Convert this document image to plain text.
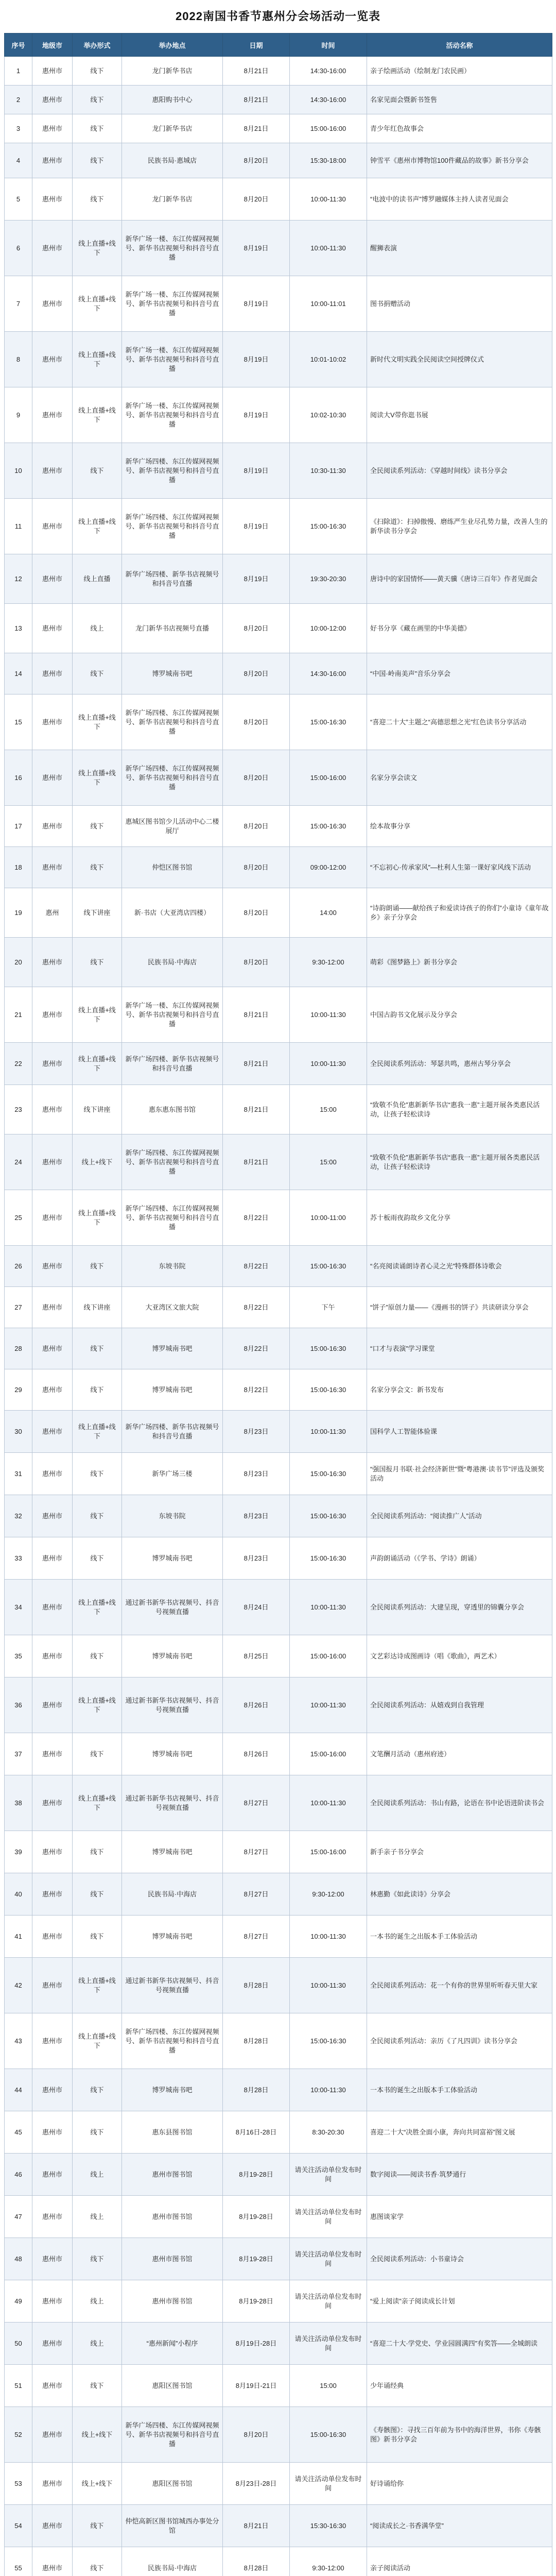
2022南国书香节惠州分会场活动一览表
序号	地级市	举办形式	举办地点	日期	时间	活动名称
1	惠州市	线下	龙门新华书店	8月21日	14:30-16:00	亲子绘画活动（绘制龙门农民画）
2	惠州市	线下	惠阳购书中心	8月21日	14:30-16:00	名家见面会暨新书签售
3	惠州市	线下	龙门新华书店	8月21日	15:00-16:00	青少年红色故事会
4	惠州市	线下	民族书局·惠城店	8月20日	15:30-18:00	钟雪平《惠州市博物馆100件藏品的故事》新书分享会
5	惠州市	线下	龙门新华书店	8月20日	10:00-11:30	“电波中的读书声”博罗融媒体主持人读者见面会
6	惠州市	线上直播+线下	新华广场一楼、东江传媒网视频号、新华书店视频号和抖音号直播	8月19日	10:00-11:30	醒狮表演
7	惠州市	线上直播+线下	新华广场一楼、东江传媒网视频号、新华书店视频号和抖音号直播	8月19日	10:00-11:01	图书捐赠活动
8	惠州市	线上直播+线下	新华广场一楼、东江传媒网视频号、新华书店视频号和抖音号直播	8月19日	10:01-10:02	新时代文明实践全民阅读空间授牌仪式
9	惠州市	线上直播+线下	新华广场一楼、东江传媒网视频号、新华书店视频号和抖音号直播	8月19日	10:02-10:30	阅读大V带你逛书展
10	惠州市	线下	新华广场四楼、东江传媒网视频号、新华书店视频号和抖音号直播	8月19日	10:30-11:30	全民阅读系列活动：《穿越时间线》读书分享会
11	惠州市	线上直播+线下	新华广场四楼、东江传媒网视频号、新华书店视频号和抖音号直播	8月19日	15:00-16:30	《扫除道》：扫掉傲慢、磨练严生业尽孔势力量，改善人生的新华读书分享会
12	惠州市	线上直播	新华广场四楼、新华书店视频号和抖音号直播	8月19日	19:30-20:30	唐诗中的家国情怀——黄天骥《唐诗三百年》作者见面会
13	惠州市	线上	龙门新华书店视频号直播	8月20日	10:00-12:00	好书分享《藏在画里的中华美德》
14	惠州市	线下	博罗城南书吧	8月20日	14:30-16:00	“中国·岭南美声”音乐分享会
15	惠州市	线上直播+线下	新华广场四楼、东江传媒网视频号、新华书店视频号和抖音号直播	8月20日	15:00-16:30	“喜迎二十大”主题之“高德思想之光”红色读书分享活动
16	惠州市	线上直播+线下	新华广场四楼、东江传媒网视频号、新华书店视频号和抖音号直播	8月20日	15:00-16:00	名家分享会读文
17	惠州市	线下	惠城区图书馆少儿活动中心二楼展厅	8月20日	15:00-16:30	绘本故事分享
18	惠州市	线下	仲恺区图书馆	8月20日	09:00-12:00	“不忘初心·传承家风”—杜利人生第一课好家风线下活动
19	惠州	线下讲座	新·书店（大亚湾店四楼）	8月20日	14:00	“诗韵朗诵——献给孩子和爱读诗孩子的你们”小童诗《童年故乡》亲子分享会
20	惠州市	线下	民族书局·中海店	8月20日	9:30-12:00	萌彩《图梦路上》新书分享会
21	惠州市	线上直播+线下	新华广场一楼、东江传媒网视频号、新华书店视频号和抖音号直播	8月21日	10:00-11:30	中国古韵书文化展示及分享会
22	惠州市	线上直播+线下	新华广场四楼、新华书店视频号和抖音号直播	8月21日	10:00-11:30	全民阅读系列活动：琴瑟共鸣，惠州古琴分享会
23	惠州市	线下讲座	惠东惠东图书馆	8月21日	15:00	“致敬不负伦”惠新新华书店“惠我一惠”主题开展各类惠民活动，让孩子轻松读诗
24	惠州市	线上+线下	新华广场四楼、东江传媒网视频号、新华书店视频号和抖音号直播	8月21日	15:00	“致敬不负伦”惠新新华书店“惠我一惠”主题开展各类惠民活动，让孩子轻松读诗
25	惠州市	线上直播+线下	新华广场四楼、东江传媒网视频号、新华书店视频号和抖音号直播	8月22日	10:00-11:00	苏十板雨夜韵故乡文化分享
26	惠州市	线下	东坡书院	8月22日	15:00-16:30	“名亮阅读诵朗诗者心灵之光”特殊群体诗歌会
27	惠州市	线下讲座	大亚湾区文旅大院	8月22日	下午	“饼子”原创力量——《漫画书的饼子》共读研读分享会
28	惠州市	线下	博罗城南书吧	8月22日	15:00-16:30	“口才与表演”学习课堂
29	惠州市	线下	博罗城南书吧	8月22日	15:00-16:30	名家分享会文：新书发布
30	惠州市	线上直播+线下	新华广场四楼、新华书店视频号和抖音号直播	8月23日	10:00-11:30	国科学人工智能体验课
31	惠州市	线下	新华广场三楼	8月23日	15:00-16:30	“强国报月书联·社会经济新世”暨“粤港澳·读书节”评选及颁奖活动
32	惠州市	线下	东坡书院	8月23日	15:00-16:30	全民阅读系列活动：“阅读推广人”活动
33	惠州市	线下	博罗城南书吧	8月23日	15:00-16:30	声韵朗诵活动（《学书、学诗》朗诵）
34	惠州市	线上直播+线下	通过新书新华书店视频号、抖音号视频直播	8月24日	10:00-11:30	全民阅读系列活动：大建呈现，穿透里的锦囊分享会
35	惠州市	线下	博罗城南书吧	8月25日	15:00-16:00	文艺彩达诗成图画诗（唱《歌曲》，两艺术）
36	惠州市	线上直播+线下	通过新书新华书店视频号、抖音号视频直播	8月26日	10:00-11:30	全民阅读系列活动：从嬉戏到自我管理
37	惠州市	线下	博罗城南书吧	8月26日	15:00-16:00	文笔酬月活动（惠州府迹）
38	惠州市	线上直播+线下	通过新书新华书店视频号、抖音号视频直播	8月27日	10:00-11:30	全民阅读系列活动：书山有路，论语在书中论语进阶读书会
39	惠州市	线下	博罗城南书吧	8月27日	15:00-16:00	新手亲子书分享会
40	惠州市	线下	民族书局·中海店	8月27日	9:30-12:00	林惠勤《如此读诗》分享会
41	惠州市	线下	博罗城南书吧	8月27日	10:00-11:30	一本书的诞生之出版本手工体验活动
42	惠州市	线上直播+线下	通过新书新华书店视频号、抖音号视频直播	8月28日	10:00-11:30	全民阅读系列活动：花一个有你的世界里听听春天里大家
43	惠州市	线上直播+线下	新华广场四楼、东江传媒网视频号、新华书店视频号和抖音号直播	8月28日	15:00-16:30	全民阅读系列活动：亲历《了凡四训》读书分享会
44	惠州市	线下	博罗城南书吧	8月28日	10:00-11:30	一本书的诞生之出版本手工体验活动
45	惠州市	线下	惠东县图书馆	8月16日-28日	8:30-20:30	喜迎二十大“决胜全面小康，奔向共同富裕”图文展
46	惠州市	线上	惠州市图书馆	8月19-28日	请关注活动单位发布时间	数字阅读——阅读书香·筑梦通行
47	惠州市	线上	惠州市图书馆	8月19-28日	请关注活动单位发布时间	惠图谈家学
48	惠州市	线下	惠州市图书馆	8月19-28日	请关注活动单位发布时间	全民阅读系列活动：小书童诗会
49	惠州市	线上	惠州市图书馆	8月19-28日	请关注活动单位发布时间	“爱上阅读”亲子阅读成长计划
50	惠州市	线上	“惠州新闻”小程序	8月19日-28日	请关注活动单位发布时间	“喜迎二十大·学党史、学业园圆满四”有奖答——全城朗读
51	惠州市	线下	惠阳区图书馆	8月19日-21日	15:00	少年诵经典
52	惠州市	线上+线下	新华广场四楼、东江传媒网视频号、新华书店视频号和抖音号直播	8月20日	15:00-16:30	《寿骸图》：寻找三百年前为书中的海洋世界，书你《寿骸图》新书分享会
53	惠州市	线上+线下	惠阳区图书馆	8月23日-28日	请关注活动单位发布时间	好诗诵给你
54	惠州市	线下	仲恺高新区图书馆城西办事处分馆	8月21日	15:30-16:30	“阅读成长之·书香满华堂”
55	惠州市	线下	民族书局·中海店	8月28日	9:30-12:00	亲子阅读活动
